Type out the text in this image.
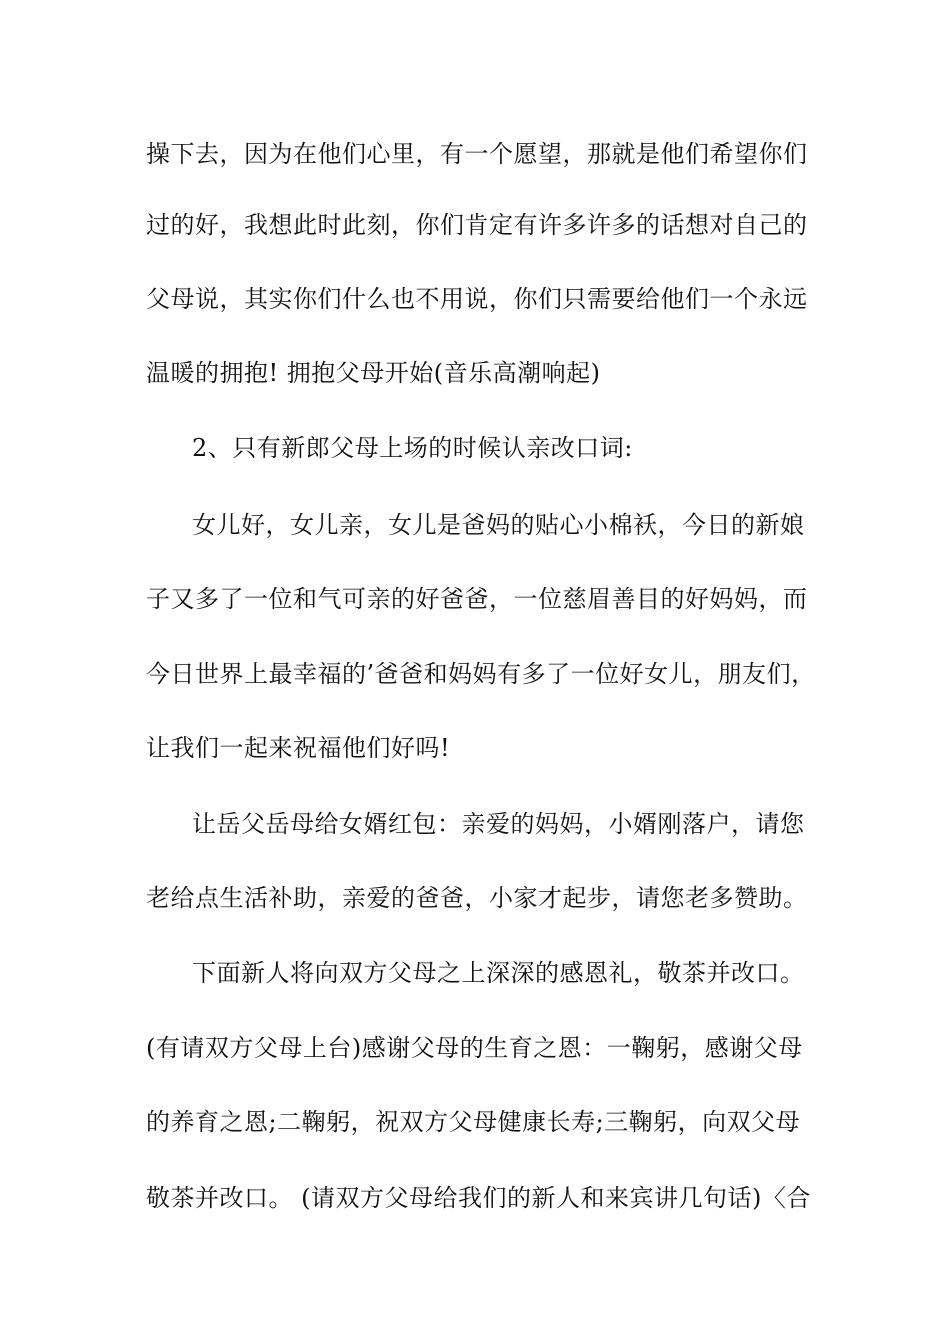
操下去，因为在他们心里，有一个愿望，那就是他们希望你们
过的好，我想此时此刻，你们肯定有许多许多的话想对自己的
父母说，其实你们什么也不用说，你们只需要给他们一个永远
温暖的拥抱! 拥抱父母开始(音乐高潮响起)
2、只有新郎父母上场的时候认亲改口词:
女儿好，女儿亲，女儿是爸妈的贴心小棉袄，今日的新娘
子又多了一位和气可亲的好爸爸，一位慈眉善目的好妈妈，而
今日世界上最幸福的’爸爸和妈妈有多了一位好女儿，朋友们，
让我们一起来祝福他们好吗!
让岳父岳母给女婿红包：亲爱的妈妈，小婿刚落户，请您
老给点生活补助，亲爱的爸爸，小家才起步，请您老多赞助。
下面新人将向双方父母之上深深的感恩礼，敬茶并改口。
(有请双方父母上台)感谢父母的生育之恩：一鞠躬，感谢父母
的养育之恩;二鞠躬，祝双方父母健康长寿;三鞠躬，向双父母
敬茶并改口。 (请双方父母给我们的新人和来宾讲几句话)〈合
